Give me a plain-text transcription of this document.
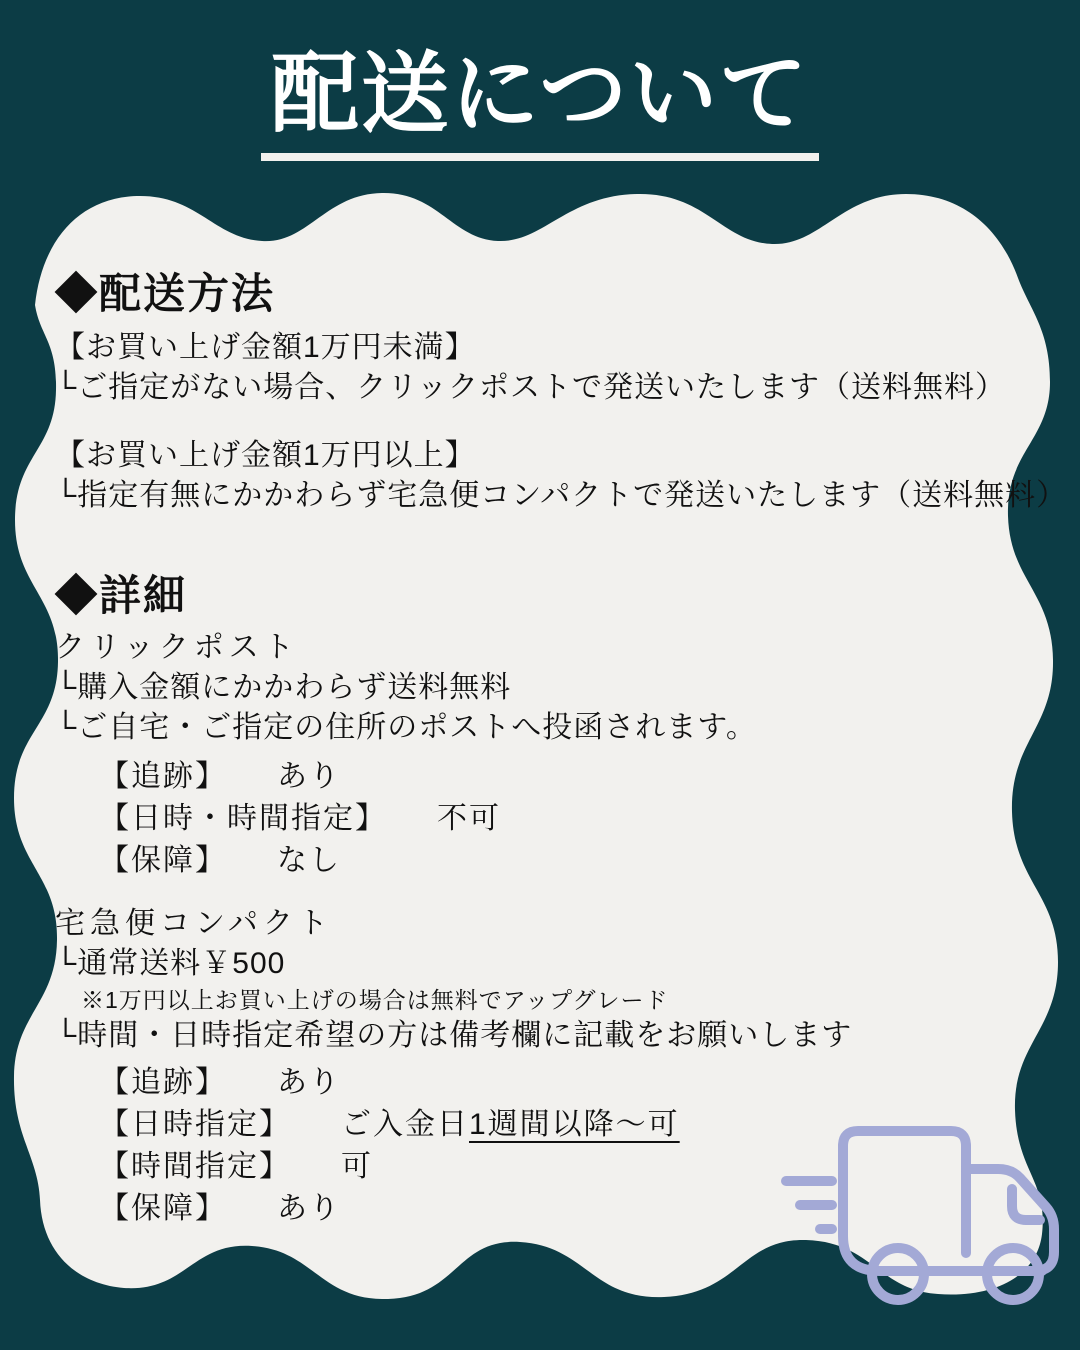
配送について
◆配送方法
【お買い上げ金額1万円未満】
└ご指定がない場合、クリックポストで発送いたします（送料無料）
【お買い上げ金額1万円以上】
└指定有無にかかわらず宅急便コンパクトで発送いたします（送料無料）
◆詳細
クリックポスト
└購入金額にかかわらず送料無料
└ご自宅・ご指定の住所のポストへ投函されます。
【追跡】 あり
【日時・時間指定】 不可
【保障】 なし
宅急便コンパクト
└通常送料￥500
※1万円以上お買い上げの場合は無料でアップグレード
└時間・日時指定希望の方は備考欄に記載をお願いします
【追跡】 あり
【日時指定】 ご入金日1週間以降〜可
【時間指定】 可
【保障】 あり
